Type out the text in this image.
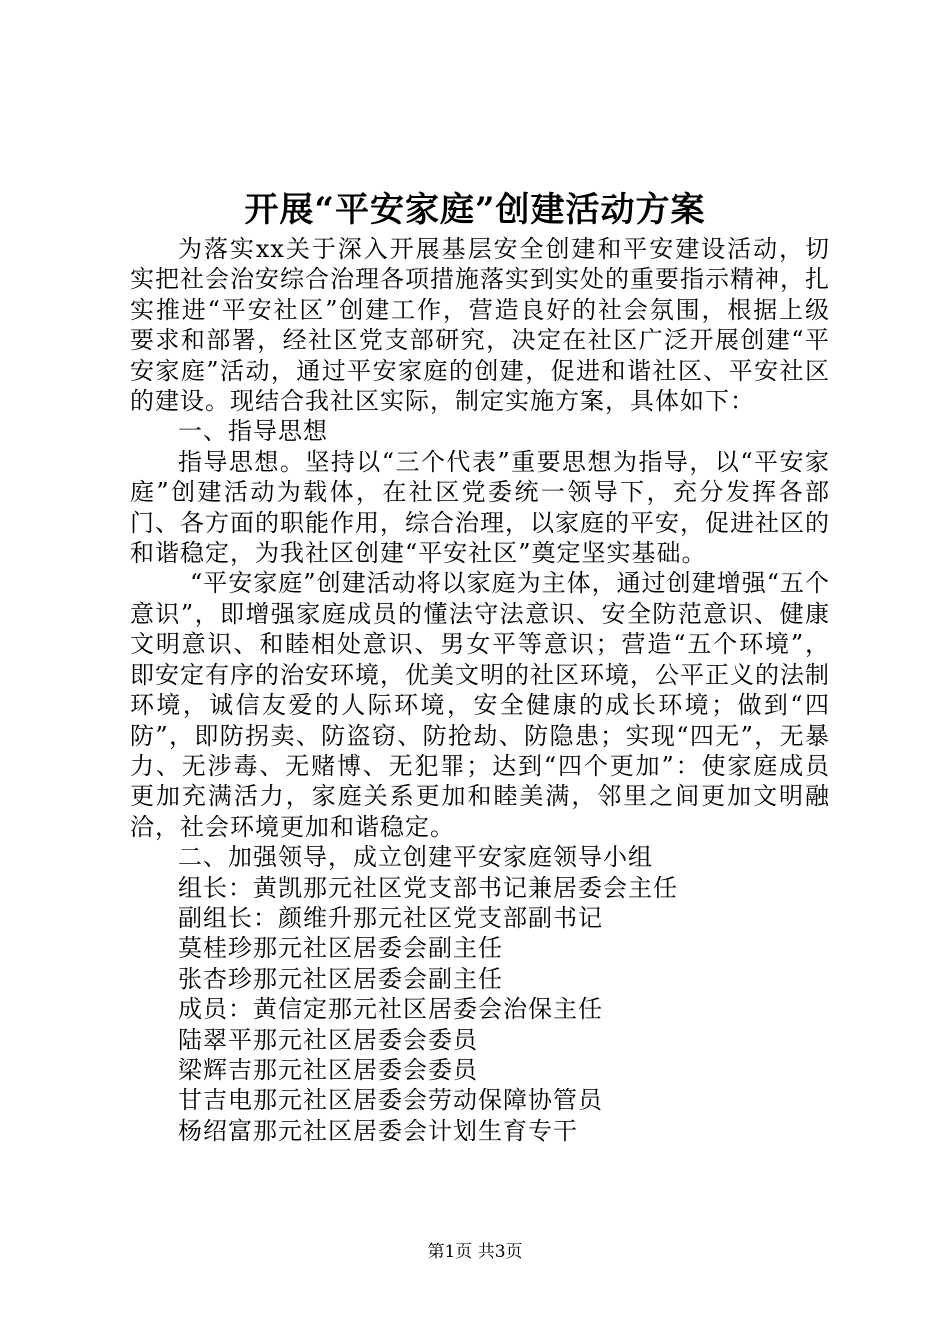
开展“平安家庭”创建活动方案

为落实xx关于深入开展基层安全创建和平安建设活动，切实把社会治安综合治理各项措施落实到实处的重要指示精神，扎实推进“平安社区”创建工作，营造良好的社会氛围，根据上级要求和部署，经社区党支部研究，决定在社区广泛开展创建“平安家庭”活动，通过平安家庭的创建，促进和谐社区、平安社区的建设。现结合我社区实际，制定实施方案，具体如下：

一、指导思想

指导思想。坚持以“三个代表”重要思想为指导，以“平安家庭”创建活动为载体，在社区党委统一领导下，充分发挥各部门、各方面的职能作用，综合治理，以家庭的平安，促进社区的和谐稳定，为我社区创建“平安社区”奠定坚实基础。

“平安家庭”创建活动将以家庭为主体，通过创建增强“五个意识”，即增强家庭成员的懂法守法意识、安全防范意识、健康文明意识、和睦相处意识、男女平等意识；营造“五个环境”，即安定有序的治安环境，优美文明的社区环境，公平正义的法制环境，诚信友爱的人际环境，安全健康的成长环境；做到“四防”，即防拐卖、防盗窃、防抢劫、防隐患；实现“四无”，无暴力、无涉毒、无赌博、无犯罪；达到“四个更加”：使家庭成员更加充满活力，家庭关系更加和睦美满，邻里之间更加文明融洽，社会环境更加和谐稳定。

二、加强领导，成立创建平安家庭领导小组

组长：黄凯那元社区党支部书记兼居委会主任

副组长：颜维升那元社区党支部副书记

莫桂珍那元社区居委会副主任

张杏珍那元社区居委会副主任

成员：黄信定那元社区居委会治保主任

陆翠平那元社区居委会委员

梁辉吉那元社区居委会委员

甘吉电那元社区居委会劳动保障协管员

杨绍富那元社区居委会计划生育专干

第1页 共3页
